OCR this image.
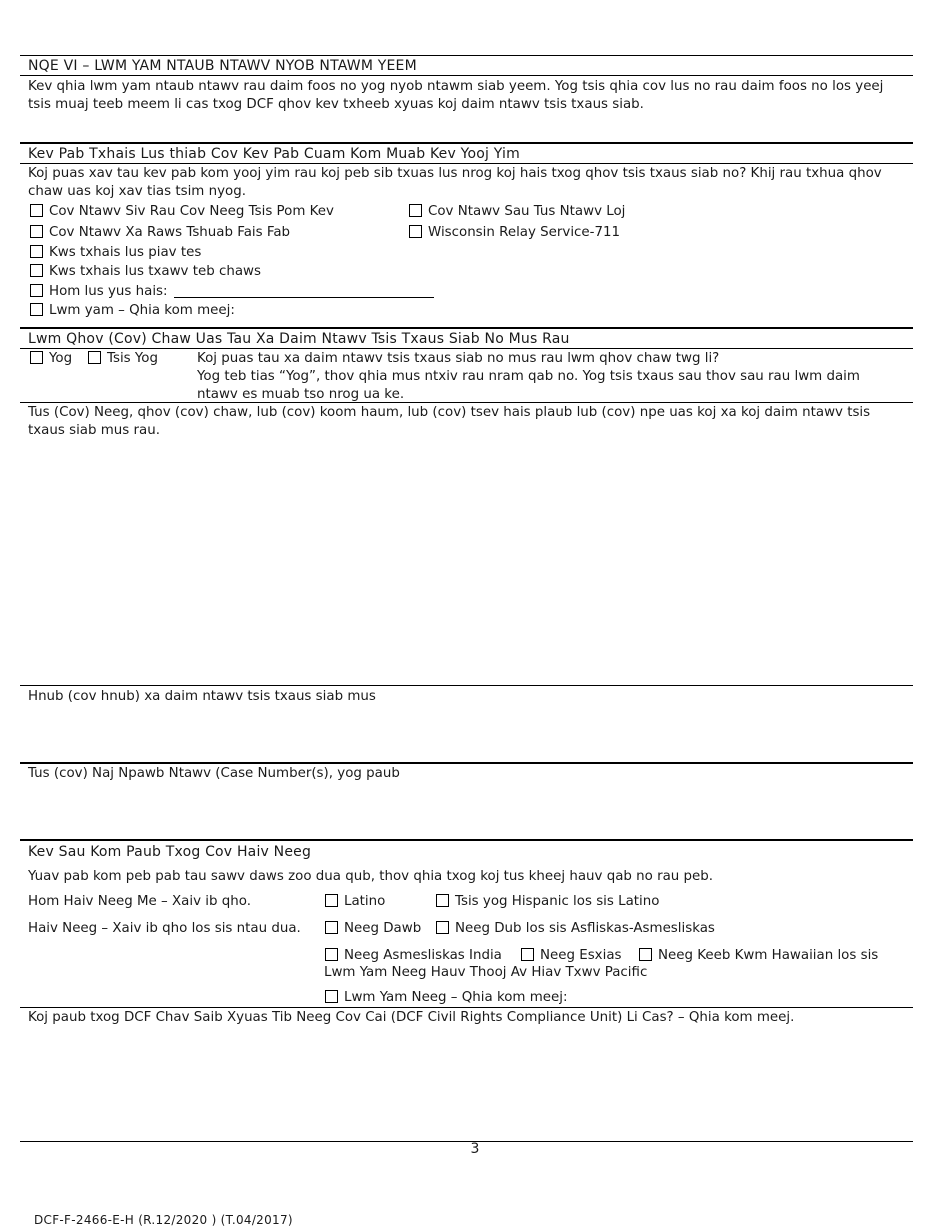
NQE VI – LWM YAM NTAUB NTAWV NYOB NTAWM YEEM
Kev qhia lwm yam ntaub ntawv rau daim foos no yog nyob ntawm siab yeem. Yog tsis qhia cov lus no rau daim foos no los yeej tsis muaj teeb meem li cas txog DCF qhov kev txheeb xyuas koj daim ntawv tsis txaus siab.
Kev Pab Txhais Lus thiab Cov Kev Pab Cuam Kom Muab Kev Yooj Yim
Koj puas xav tau kev pab kom yooj yim rau koj peb sib txuas lus nrog koj hais txog qhov tsis txaus siab no? Khij rau txhua qhov chaw uas koj xav tias tsim nyog.
Cov Ntawv Siv Rau Cov Neeg Tsis Pom Kev	Cov Ntawv Sau Tus Ntawv Loj
Cov Ntawv Xa Raws Tshuab Fais Fab	Wisconsin Relay Service-711
Kws txhais lus piav tes
Kws txhais lus txawv teb chaws
Hom lus yus hais:
Lwm yam – Qhia kom meej:
Lwm Qhov (Cov) Chaw Uas Tau Xa Daim Ntawv Tsis Txaus Siab No Mus Rau
Yog	Tsis Yog	Koj puas tau xa daim ntawv tsis txaus siab no mus rau lwm qhov chaw twg li?
Yog teb tias “Yog”, thov qhia mus ntxiv rau nram qab no. Yog tsis txaus sau thov sau rau lwm daim ntawv es muab tso nrog ua ke.
Tus (Cov) Neeg, qhov (cov) chaw, lub (cov) koom haum, lub (cov) tsev hais plaub lub (cov) npe uas koj xa koj daim ntawv tsis txaus siab mus rau.
Hnub (cov hnub) xa daim ntawv tsis txaus siab mus
Tus (cov) Naj Npawb Ntawv (Case Number(s), yog paub
Kev Sau Kom Paub Txog Cov Haiv Neeg
Yuav pab kom peb pab tau sawv daws zoo dua qub, thov qhia txog koj tus kheej hauv qab no rau peb.
Hom Haiv Neeg Me – Xaiv ib qho.	Latino	Tsis yog Hispanic los sis Latino
Haiv Neeg – Xaiv ib qho los sis ntau dua.	Neeg Dawb	Neeg Dub los sis Asfliskas-Asmesliskas
Neeg Asmesliskas India	Neeg Esxias	Neeg Keeb Kwm Hawaiian los sis
Lwm Yam Neeg Hauv Thooj Av Hiav Txwv Pacific
Lwm Yam Neeg – Qhia kom meej:
Koj paub txog DCF Chav Saib Xyuas Tib Neeg Cov Cai (DCF Civil Rights Compliance Unit) Li Cas? – Qhia kom meej.
3
DCF-F-2466-E-H (R.12/2020 ) (T.04/2017)
